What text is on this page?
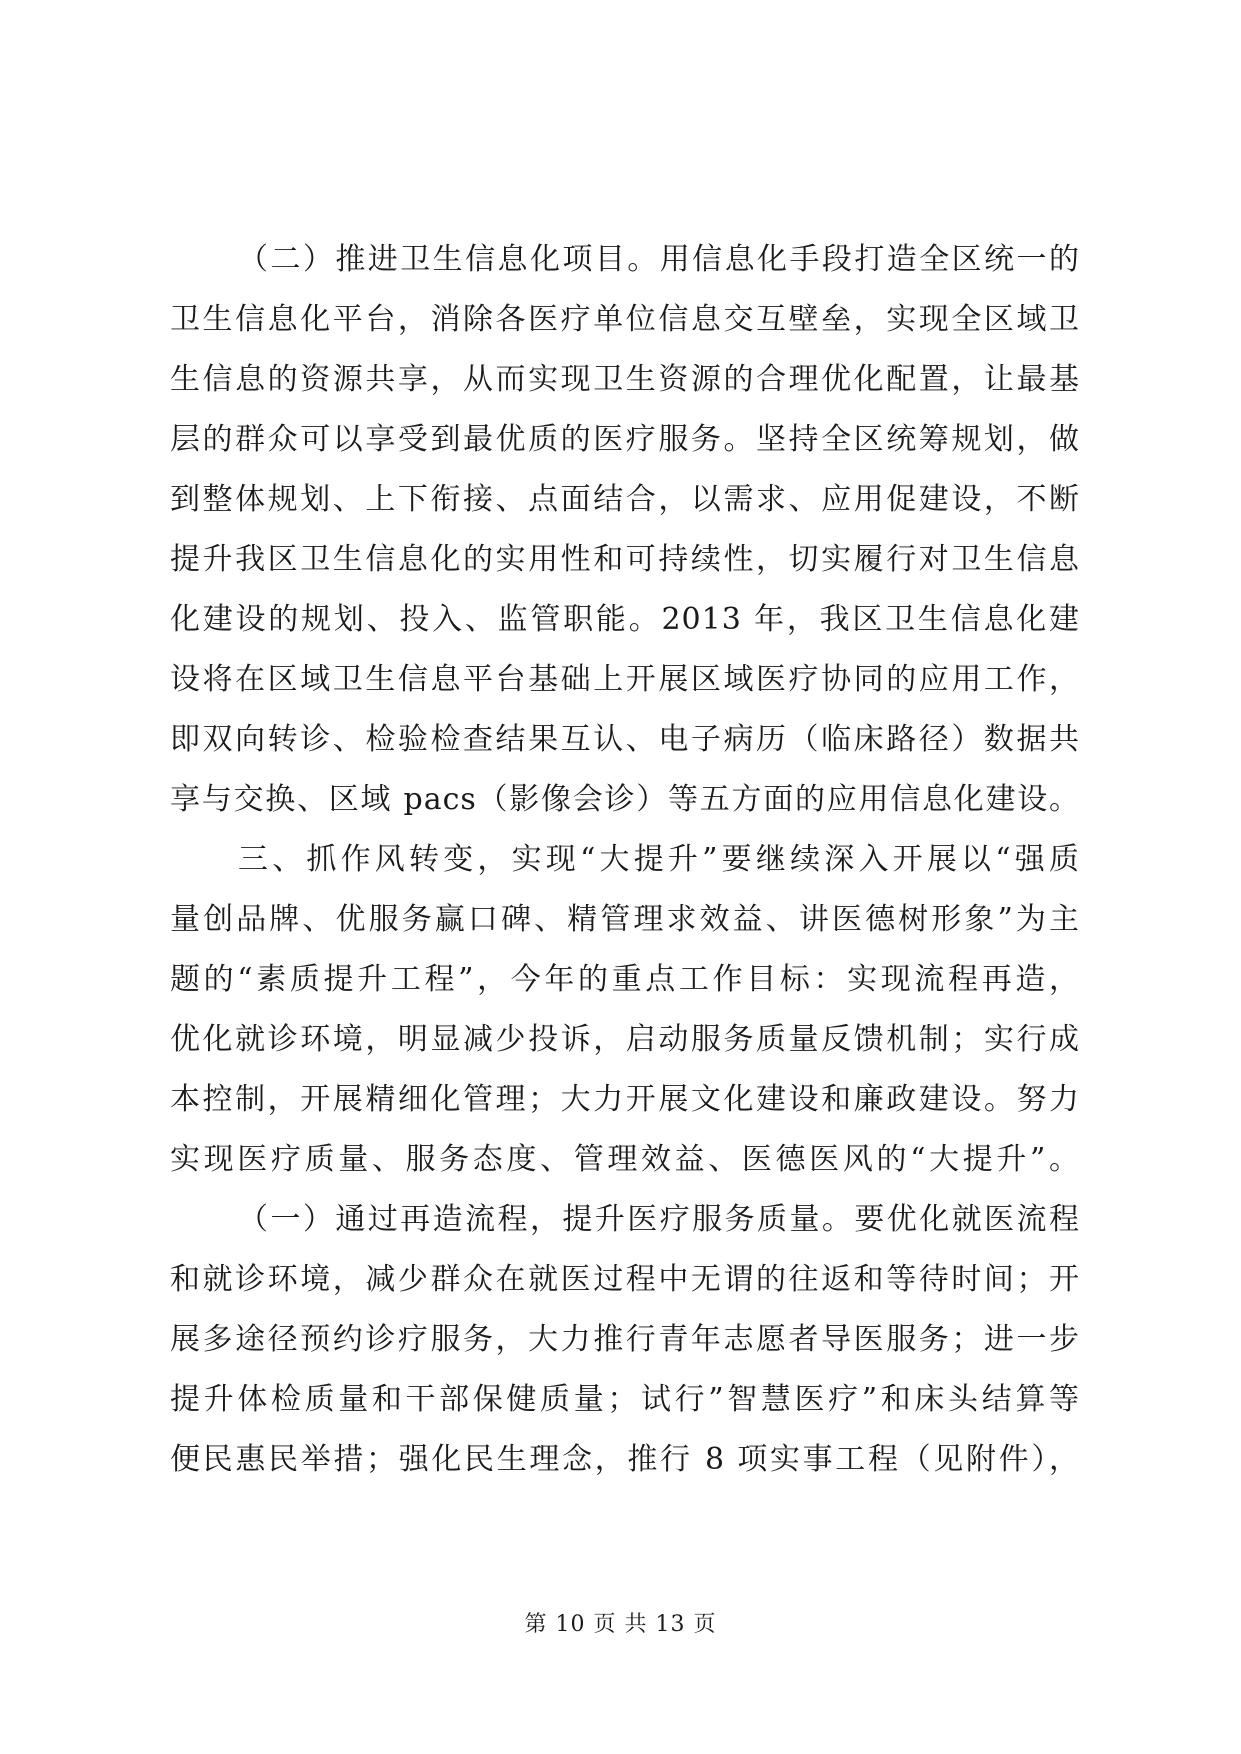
（二）推进卫生信息化项目。用信息化手段打造全区统一的
卫生信息化平台，消除各医疗单位信息交互壁垒，实现全区域卫
生信息的资源共享，从而实现卫生资源的合理优化配置，让最基
层的群众可以享受到最优质的医疗服务。坚持全区统筹规划，做
到整体规划、上下衔接、点面结合，以需求、应用促建设，不断
提升我区卫生信息化的实用性和可持续性，切实履行对卫生信息
化建设的规划、投入、监管职能。2013 年，我区卫生信息化建
设将在区域卫生信息平台基础上开展区域医疗协同的应用工作，
即双向转诊、检验检查结果互认、电子病历（临床路径）数据共
享与交换、区域 pacs（影像会诊）等五方面的应用信息化建设。
三、抓作风转变，实现“大提升”要继续深入开展以“强质
量创品牌、优服务赢口碑、精管理求效益、讲医德树形象”为主
题的“素质提升工程”，今年的重点工作目标：实现流程再造，
优化就诊环境，明显减少投诉，启动服务质量反馈机制；实行成
本控制，开展精细化管理；大力开展文化建设和廉政建设。努力
实现医疗质量、服务态度、管理效益、医德医风的“大提升”。
（一）通过再造流程，提升医疗服务质量。要优化就医流程
和就诊环境，减少群众在就医过程中无谓的往返和等待时间；开
展多途径预约诊疗服务，大力推行青年志愿者导医服务；进一步
提升体检质量和干部保健质量；试行”智慧医疗”和床头结算等
便民惠民举措；强化民生理念，推行 8 项实事工程（见附件），
第 10 页 共 13 页
